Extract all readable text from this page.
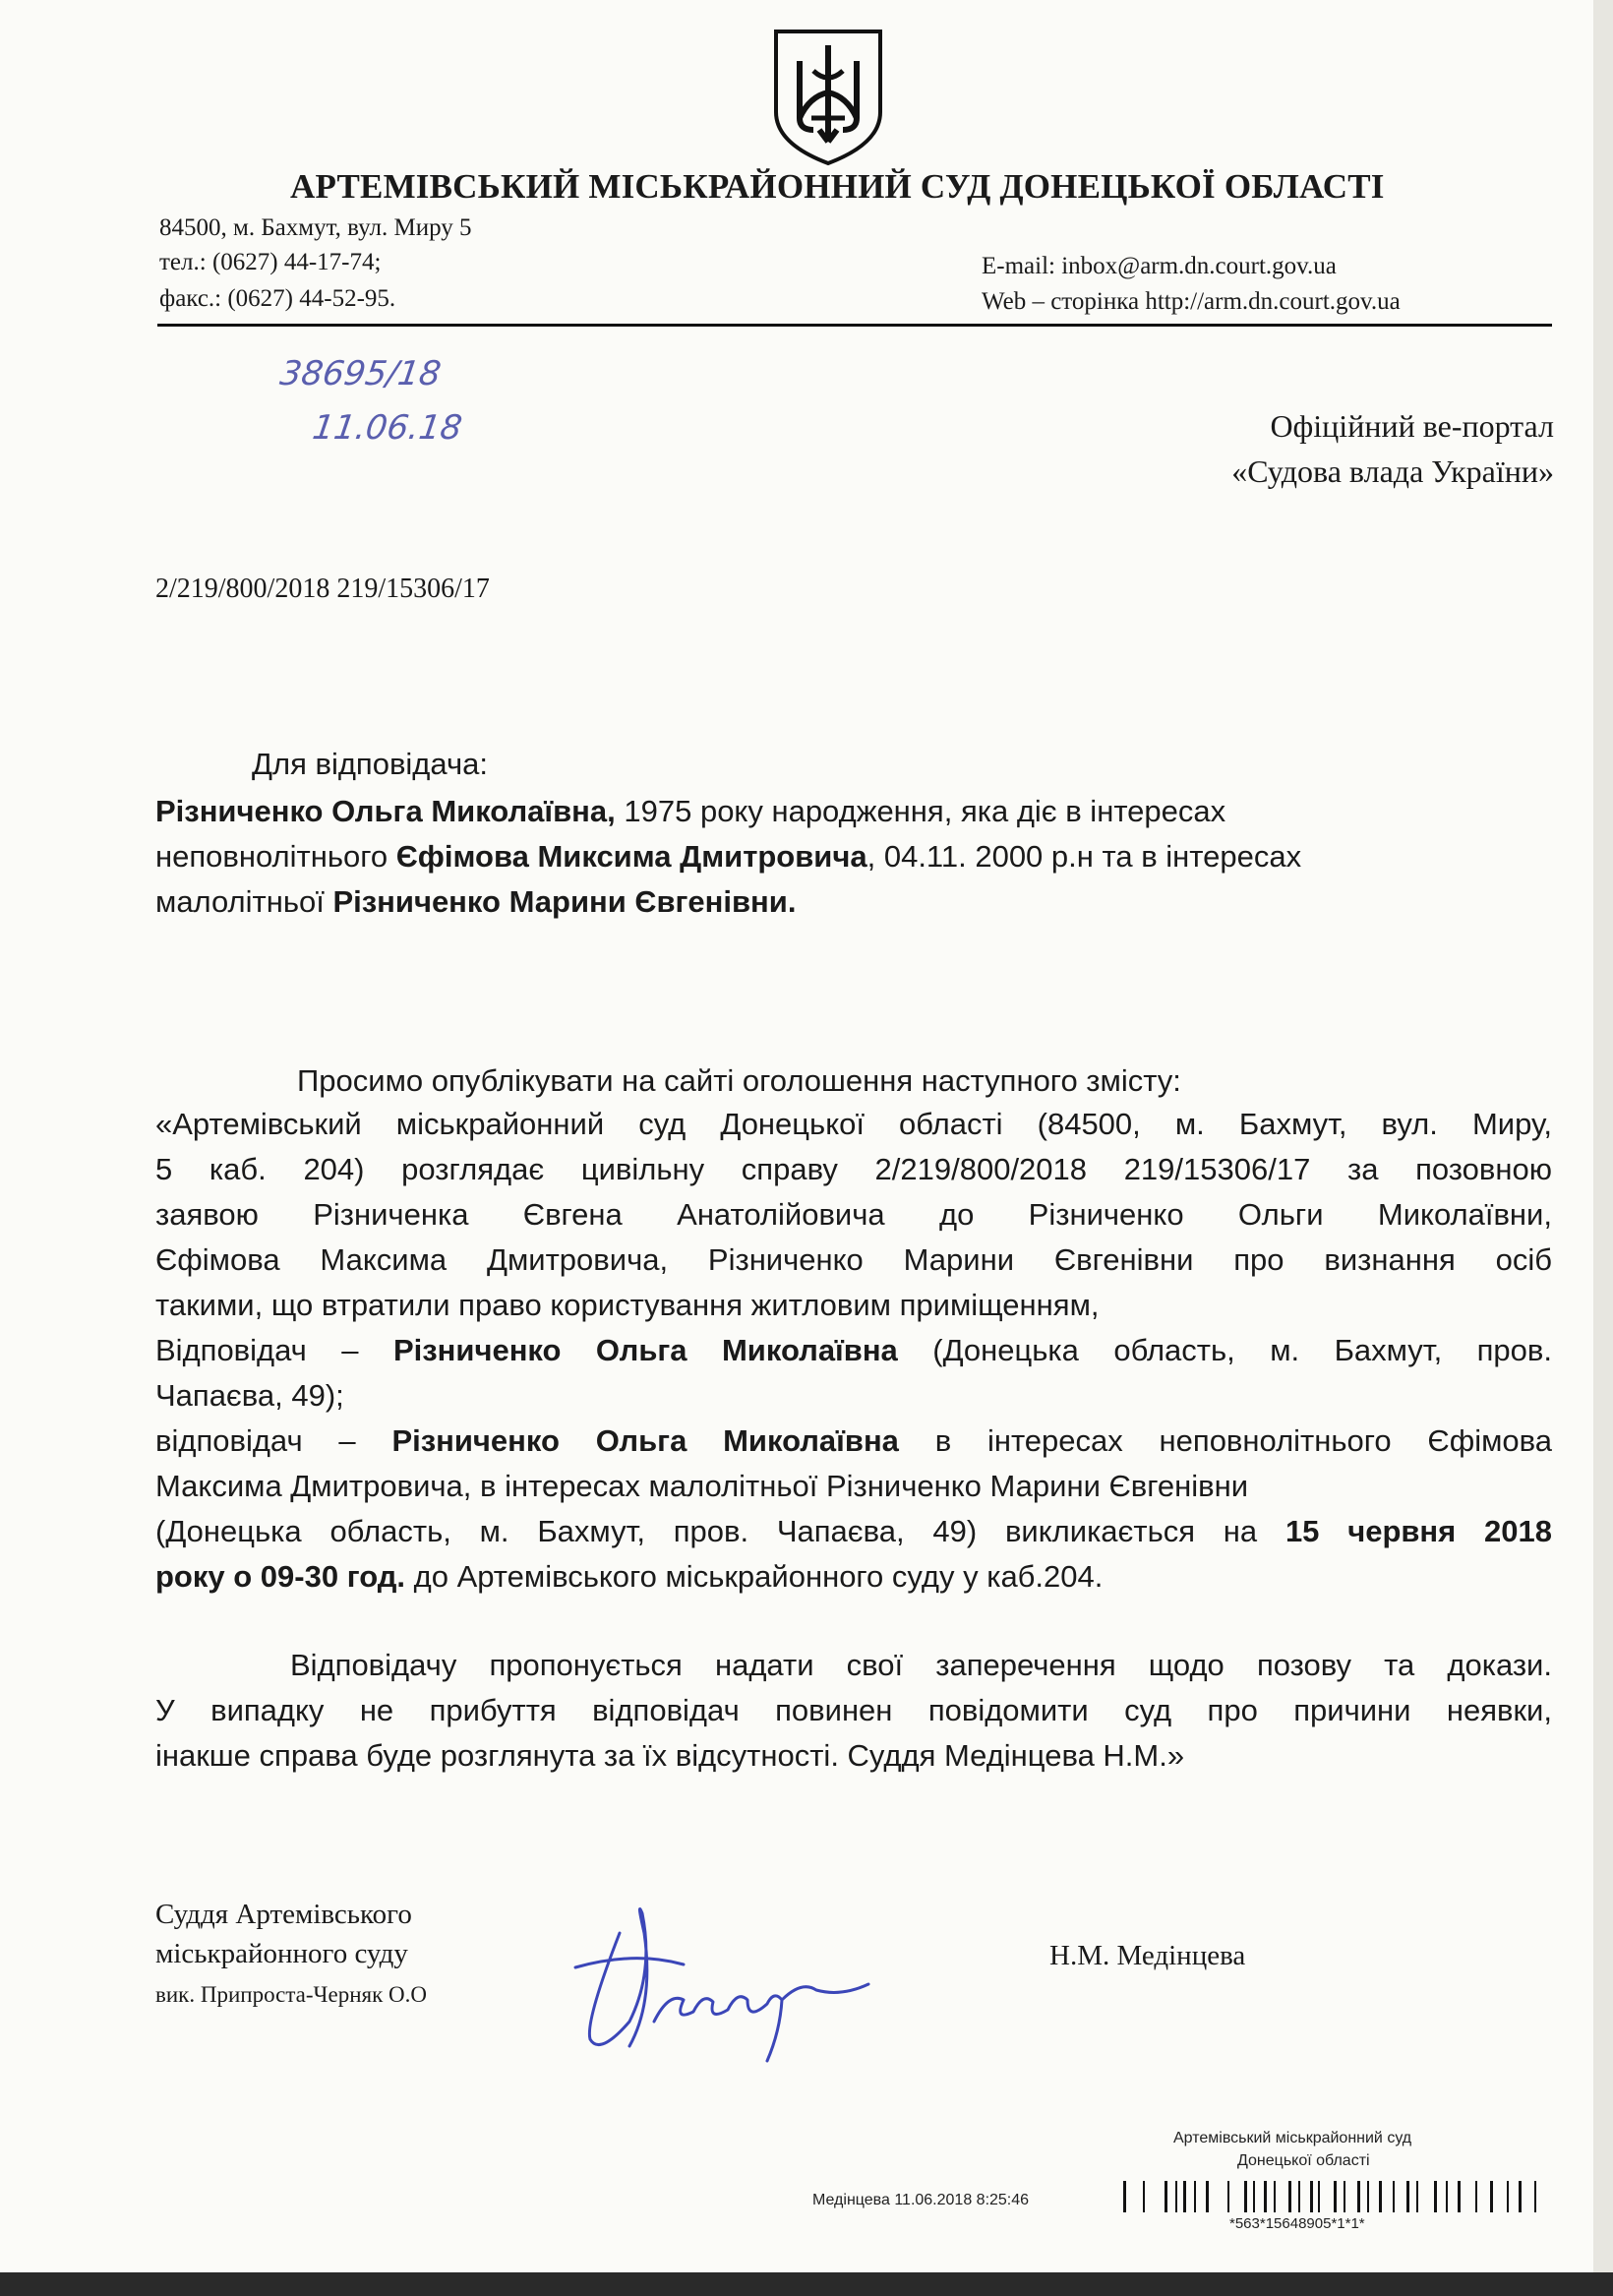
АРТЕМІВСЬКИЙ МІСЬКРАЙОННИЙ СУД ДОНЕЦЬКОЇ ОБЛАСТІ
84500, м. Бахмут, вул. Миру 5
тел.: (0627) 44-17-74;
факс.: (0627) 44-52-95.
E-mail: inbox@arm.dn.court.gov.ua
Web – сторінка http://arm.dn.court.gov.ua
38695/18
11.06.18	Офіційний ве-портал
«Судова влада України»
2/219/800/2018 219/15306/17
Для відповідача:
Різниченко Ольга Миколаївна, 1975 року народження, яка діє в інтересах
неповнолітнього Єфімова Миксима Дмитровича, 04.11. 2000 р.н та в інтересах
малолітньої Різниченко Марини Євгенівни.
Просимо опублікувати на сайті оголошення наступного змісту:
«Артемівський міськрайонний суд Донецької області (84500, м. Бахмут, вул. Миру,
5 каб. 204) розглядає цивільну справу 2/219/800/2018 219/15306/17 за позовною
заявою Різниченка Євгена Анатолійовича до Різниченко Ольги Миколаївни,
Єфімова Максима Дмитровича, Різниченко Марини Євгенівни про визнання осіб
такими, що втратили право користування житловим приміщенням,
Відповідач – Різниченко Ольга Миколаївна (Донецька область, м. Бахмут, пров.
Чапаєва, 49);
відповідач – Різниченко Ольга Миколаївна в інтересах неповнолітнього Єфімова
Максима Дмитровича, в інтересах малолітньої Різниченко Марини Євгенівни
(Донецька область, м. Бахмут, пров. Чапаєва, 49) викликається на 15 червня 2018
року о 09-30 год. до Артемівського міськрайонного суду у каб.204.
Відповідачу пропонується надати свої заперечення щодо позову та докази.
У випадку не прибуття відповідач повинен повідомити суд про причини неявки,
інакше справа буде розглянута за їх відсутності. Суддя Медінцева Н.М.»
Суддя Артемівського
міськрайонного суду
вик. Припроста-Черняк О.О
Н.М. Медінцева
Артемівський міськрайонний суд
Донецької області
Медінцева 11.06.2018 8:25:46
*563*15648905*1*1*
